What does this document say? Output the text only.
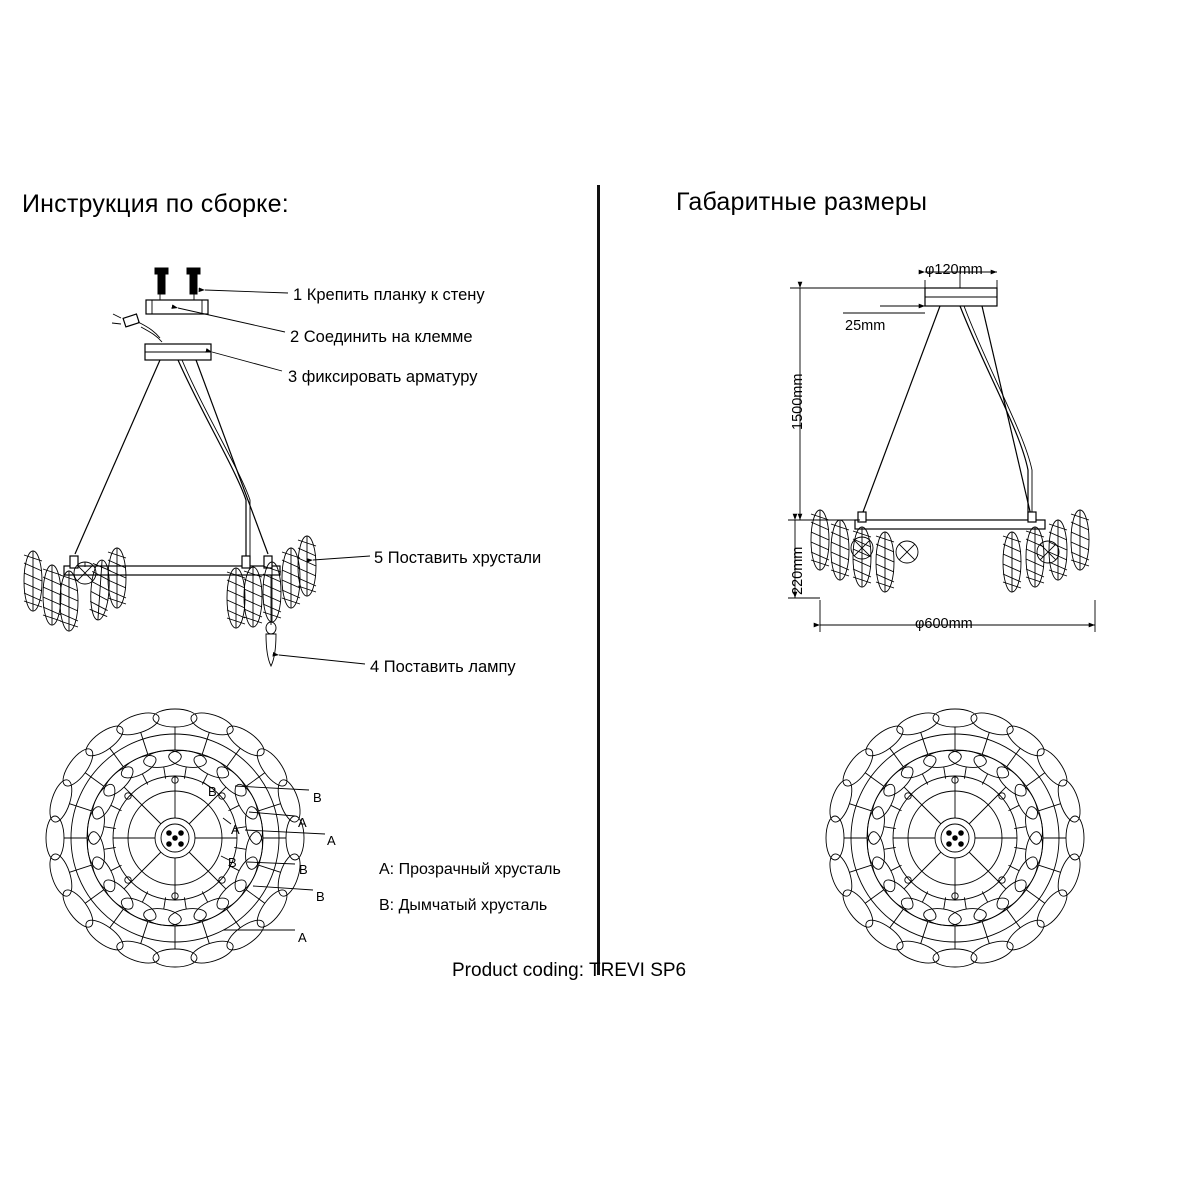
Инструкция по сборке:	Габаритные размеры
1 Крепить планку к стену
2 Соединить на клемме
3 фиксировать арматуру
5 Поставить хрустали
4 Поставить лампу
A: Прозрачный хрусталь
B: Дымчатый хрусталь
Product coding: TREVI SP6
φ120mm
25mm
1500mm
220mm
φ600mm
B	B
A	A
A
B	B
B
A
